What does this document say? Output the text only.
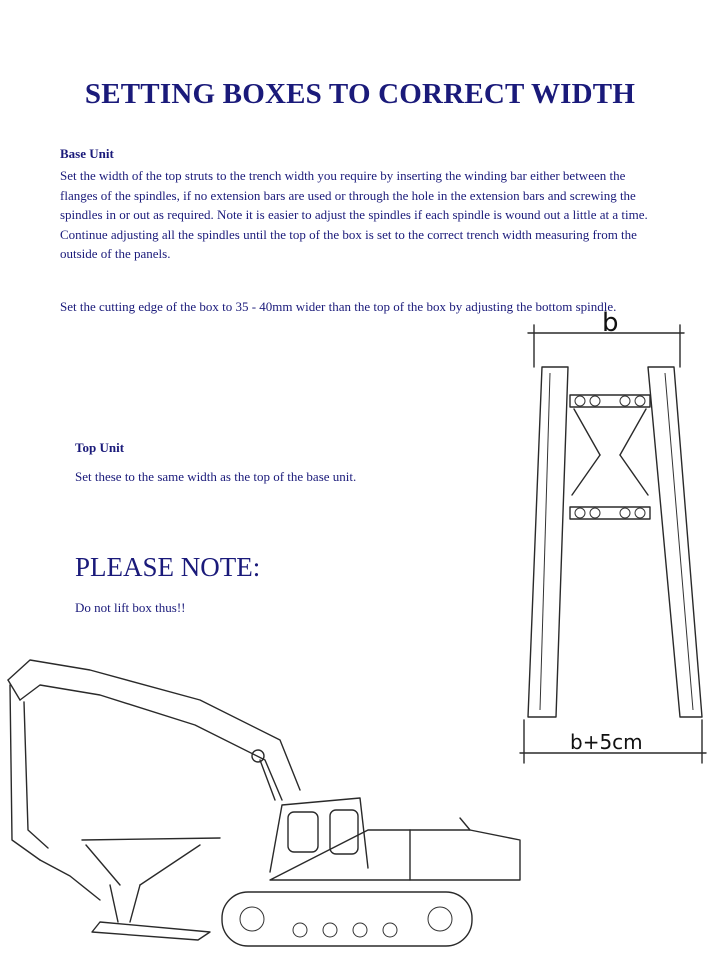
SETTING BOXES TO CORRECT WIDTH
Base Unit
Set the width of the top struts to the trench width you require by inserting the winding bar either between the flanges of the spindles, if no extension bars are used or through the hole in the extension bars and screwing the spindles in or out as required. Note it is easier to adjust the spindles if each spindle is wound out a little at a time. Continue adjusting all the spindles until the top of the box is set to the correct trench width measuring from the outside of the panels.
Set the cutting edge of the box to 35 - 40mm wider than the top of the box by adjusting the bottom spindle.
Top Unit
Set these to the same width as the top of the base unit.
PLEASE NOTE:
Do not lift box thus!!
b
b+5cm
